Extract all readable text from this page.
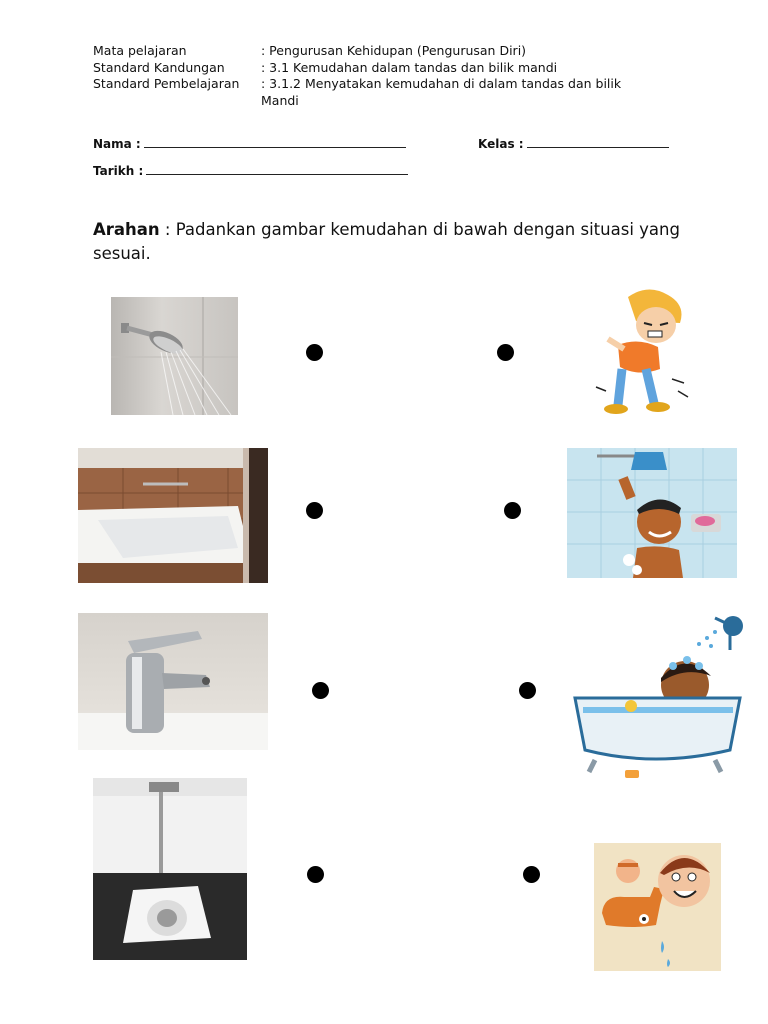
Mata pelajaran	: Pengurusan Kehidupan (Pengurusan Diri)
Standard Kandungan	: 3.1 Kemudahan dalam tandas dan bilik mandi
Standard Pembelajaran	: 3.1.2 Menyatakan kemudahan di dalam tandas dan bilik Mandi
Nama :	Kelas :
Tarikh :
Arahan : Padankan gambar kemudahan di bawah dengan situasi yang sesuai.
